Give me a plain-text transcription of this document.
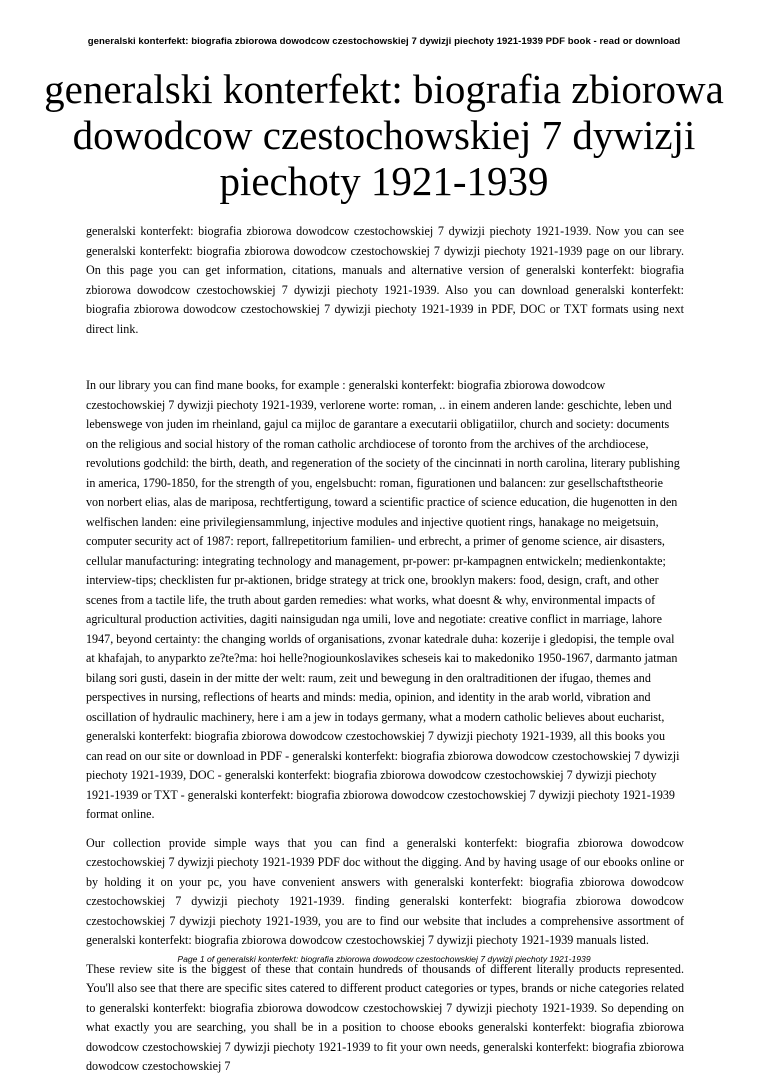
generalski konterfekt: biografia zbiorowa dowodcow czestochowskiej 7 dywizji piechoty 1921-1939 PDF book - read or download
generalski konterfekt: biografia zbiorowa dowodcow czestochowskiej 7 dywizji piechoty 1921-1939

generalski konterfekt: biografia zbiorowa dowodcow czestochowskiej 7 dywizji piechoty 1921-1939. Now you can see generalski konterfekt: biografia zbiorowa dowodcow czestochowskiej 7 dywizji piechoty 1921-1939 page on our library. On this page you can get information, citations, manuals and alternative version of generalski konterfekt: biografia zbiorowa dowodcow czestochowskiej 7 dywizji piechoty 1921-1939. Also you can download generalski konterfekt: biografia zbiorowa dowodcow czestochowskiej 7 dywizji piechoty 1921-1939 in PDF, DOC or TXT formats using next direct link.

In our library you can find mane books, for example : generalski konterfekt: biografia zbiorowa dowodcow czestochowskiej 7 dywizji piechoty 1921-1939, verlorene worte: roman, .. in einem anderen lande: geschichte, leben und lebenswege von juden im rheinland, gajul ca mijloc de garantare a executarii obligatiilor, church and society: documents on the religious and social history of the roman catholic archdiocese of toronto from the archives of the archdiocese, revolutions godchild: the birth, death, and regeneration of the society of the cincinnati in north carolina, literary publishing in america, 1790-1850, for the strength of you, engelsbucht: roman, figurationen und balancen: zur gesellschaftstheorie von norbert elias, alas de mariposa, rechtfertigung, toward a scientific practice of science education, die hugenotten in den welfischen landen: eine privilegiensammlung, injective modules and injective quotient rings, hanakage no meigetsuin, computer security act of 1987: report, fallrepetitorium familien- und erbrecht, a primer of genome science, air disasters, cellular manufacturing: integrating technology and management, pr-power: pr-kampagnen entwickeln; medienkontakte; interview-tips; checklisten fur pr-aktionen, bridge strategy at trick one, brooklyn makers: food, design, craft, and other scenes from a tactile life, the truth about garden remedies: what works, what doesnt & why, environmental impacts of agricultural production activities, dagiti nainsigudan nga umili, love and negotiate: creative conflict in marriage, lahore 1947, beyond certainty: the changing worlds of organisations, zvonar katedrale duha: kozerije i gledopisi, the temple oval at khafajah, to anyparkto ze?te?ma: hoi helle?nogiounkoslavikes scheseis kai to makedoniko 1950-1967, darmanto jatman bilang sori gusti, dasein in der mitte der welt: raum, zeit und bewegung in den oraltraditionen der ifugao, themes and perspectives in nursing, reflections of hearts and minds: media, opinion, and identity in the arab world, vibration and oscillation of hydraulic machinery, here i am a jew in todays germany, what a modern catholic believes about eucharist, generalski konterfekt: biografia zbiorowa dowodcow czestochowskiej 7 dywizji piechoty 1921-1939, all this books you can read on our site or download in PDF - generalski konterfekt: biografia zbiorowa dowodcow czestochowskiej 7 dywizji piechoty 1921-1939, DOC - generalski konterfekt: biografia zbiorowa dowodcow czestochowskiej 7 dywizji piechoty 1921-1939 or TXT - generalski konterfekt: biografia zbiorowa dowodcow czestochowskiej 7 dywizji piechoty 1921-1939 format online.

Our collection provide simple ways that you can find a generalski konterfekt: biografia zbiorowa dowodcow czestochowskiej 7 dywizji piechoty 1921-1939 PDF doc without the digging. And by having usage of our ebooks online or by holding it on your pc, you have convenient answers with generalski konterfekt: biografia zbiorowa dowodcow czestochowskiej 7 dywizji piechoty 1921-1939. finding generalski konterfekt: biografia zbiorowa dowodcow czestochowskiej 7 dywizji piechoty 1921-1939, you are to find our website that includes a comprehensive assortment of generalski konterfekt: biografia zbiorowa dowodcow czestochowskiej 7 dywizji piechoty 1921-1939 manuals listed.

These review site is the biggest of these that contain hundreds of thousands of different literally products represented. You'll also see that there are specific sites catered to different product categories or types, brands or niche categories related to generalski konterfekt: biografia zbiorowa dowodcow czestochowskiej 7 dywizji piechoty 1921-1939. So depending on what exactly you are searching, you shall be in a position to choose ebooks generalski konterfekt: biografia zbiorowa dowodcow czestochowskiej 7 dywizji piechoty 1921-1939 to fit your own needs, generalski konterfekt: biografia zbiorowa dowodcow czestochowskiej 7

Page 1 of generalski konterfekt: biografia zbiorowa dowodcow czestochowskiej 7 dywizji piechoty 1921-1939
